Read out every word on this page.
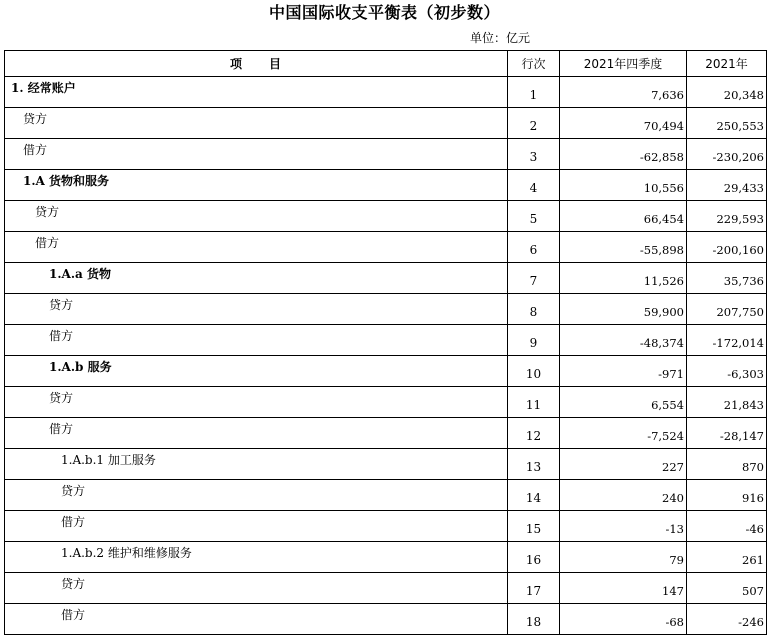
中国国际收支平衡表（初步数）
单位：亿元
项　　目	行次	2021年四季度	2021年
1. 经常账户	1	7,636	20,348
贷方	2	70,494	250,553
借方	3	-62,858	-230,206
1.A 货物和服务	4	10,556	29,433
贷方	5	66,454	229,593
借方	6	-55,898	-200,160
1.A.a 货物	7	11,526	35,736
贷方	8	59,900	207,750
借方	9	-48,374	-172,014
1.A.b 服务	10	-971	-6,303
贷方	11	6,554	21,843
借方	12	-7,524	-28,147
1.A.b.1 加工服务	13	227	870
贷方	14	240	916
借方	15	-13	-46
1.A.b.2 维护和维修服务	16	79	261
贷方	17	147	507
借方	18	-68	-246
